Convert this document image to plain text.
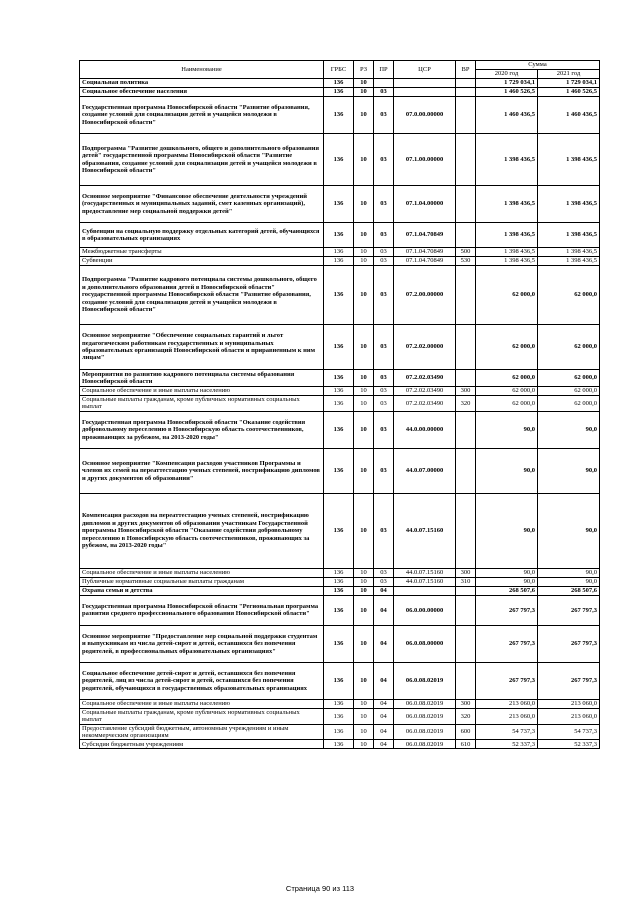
Наименование	ГРБС	РЗ	ПР	ЦСР	ВР	Сумма	
						2020 год	2021 год
Социальная политика	136	10				1 729 034,1	1 729 034,1
Социальное обеспечение населения	136	10	03			1 460 526,5	1 460 526,5
Государственная программа Новосибирской области "Развитие образования, создание условий для социализации детей и учащейся молодежи в Новосибирской области"	136	10	03	07.0.00.00000		1 460 436,5	1 460 436,5
Подпрограмма "Развитие дошкольного, общего и дополнительного образования детей" государственной программы Новосибирской области "Развитие образования, создание условий для социализации детей и учащейся молодежи в Новосибирской области"	136	10	03	07.1.00.00000		1 398 436,5	1 398 436,5
Основное мероприятие "Финансовое обеспечение деятельности учреждений (государственных и муниципальных заданий, смет казенных организаций), предоставление мер социальной поддержки детей"	136	10	03	07.1.04.00000		1 398 436,5	1 398 436,5
Субвенции на социальную поддержку отдельных категорий детей, обучающихся в образовательных организациях	136	10	03	07.1.04.70849		1 398 436,5	1 398 436,5
Межбюджетные трансферты	136	10	03	07.1.04.70849	500	1 398 436,5	1 398 436,5
Субвенции	136	10	03	07.1.04.70849	530	1 398 436,5	1 398 436,5
Подпрограмма "Развитие кадрового потенциала системы дошкольного, общего и дополнительного образования детей в Новосибирской области" государственной программы Новосибирской области "Развитие образования, создание условий для социализации детей и учащейся молодежи в Новосибирской области"	136	10	03	07.2.00.00000		62 000,0	62 000,0
Основное мероприятие "Обеспечение социальных гарантий и льгот педагогическим работникам государственных и муниципальных образовательных организаций Новосибирской области и приравненным к ним лицам"	136	10	03	07.2.02.00000		62 000,0	62 000,0
Мероприятия по развитию кадрового потенциала системы образования Новосибирской области	136	10	03	07.2.02.03490		62 000,0	62 000,0
Социальное обеспечение и иные выплаты населению	136	10	03	07.2.02.03490	300	62 000,0	62 000,0
Социальные выплаты гражданам, кроме публичных нормативных социальных выплат	136	10	03	07.2.02.03490	320	62 000,0	62 000,0
Государственная программа Новосибирской области "Оказание содействия добровольному переселению в Новосибирскую область соотечественников, проживающих за рубежом, на 2013-2020 годы"	136	10	03	44.0.00.00000		90,0	90,0
Основное мероприятие "Компенсация расходов участников Программы и членов их семей на переаттестацию ученых степеней, нострификацию дипломов и других документов об образовании"	136	10	03	44.0.07.00000		90,0	90,0
Компенсация расходов на переаттестацию ученых степеней, нострификацию дипломов и других документов об образовании участникам Государственной программы Новосибирской области "Оказание содействия добровольному переселению в Новосибирскую область соотечественников, проживающих за рубежом, на 2013-2020 годы"	136	10	03	44.0.07.15160		90,0	90,0
Социальное обеспечение и иные выплаты населению	136	10	03	44.0.07.15160	300	90,0	90,0
Публичные нормативные социальные выплаты гражданам	136	10	03	44.0.07.15160	310	90,0	90,0
Охрана семьи и детства	136	10	04			268 507,6	268 507,6
Государственная программа Новосибирской области "Региональная программа развития среднего профессионального образования Новосибирской области"	136	10	04	06.0.00.00000		267 797,3	267 797,3
Основное мероприятие "Предоставление мер социальной поддержки студентам и выпускникам из числа детей-сирот и детей, оставшихся без попечения родителей, в профессиональных образовательных организациях"	136	10	04	06.0.08.00000		267 797,3	267 797,3
Социальное обеспечение детей-сирот и детей, оставшихся без попечения родителей, лиц из числа детей-сирот и детей, оставшихся без попечения родителей, обучающихся в государственных образовательных организациях	136	10	04	06.0.08.02019		267 797,3	267 797,3
Социальное обеспечение и иные выплаты населению	136	10	04	06.0.08.02019	300	213 060,0	213 060,0
Социальные выплаты гражданам, кроме публичных нормативных социальных выплат	136	10	04	06.0.08.02019	320	213 060,0	213 060,0
Предоставление субсидий бюджетным, автономным учреждениям и иным некоммерческим организациям	136	10	04	06.0.08.02019	600	54 737,3	54 737,3
Субсидии бюджетным учреждениям	136	10	04	06.0.08.02019	610	52 337,3	52 337,3
Страница 90 из 113
